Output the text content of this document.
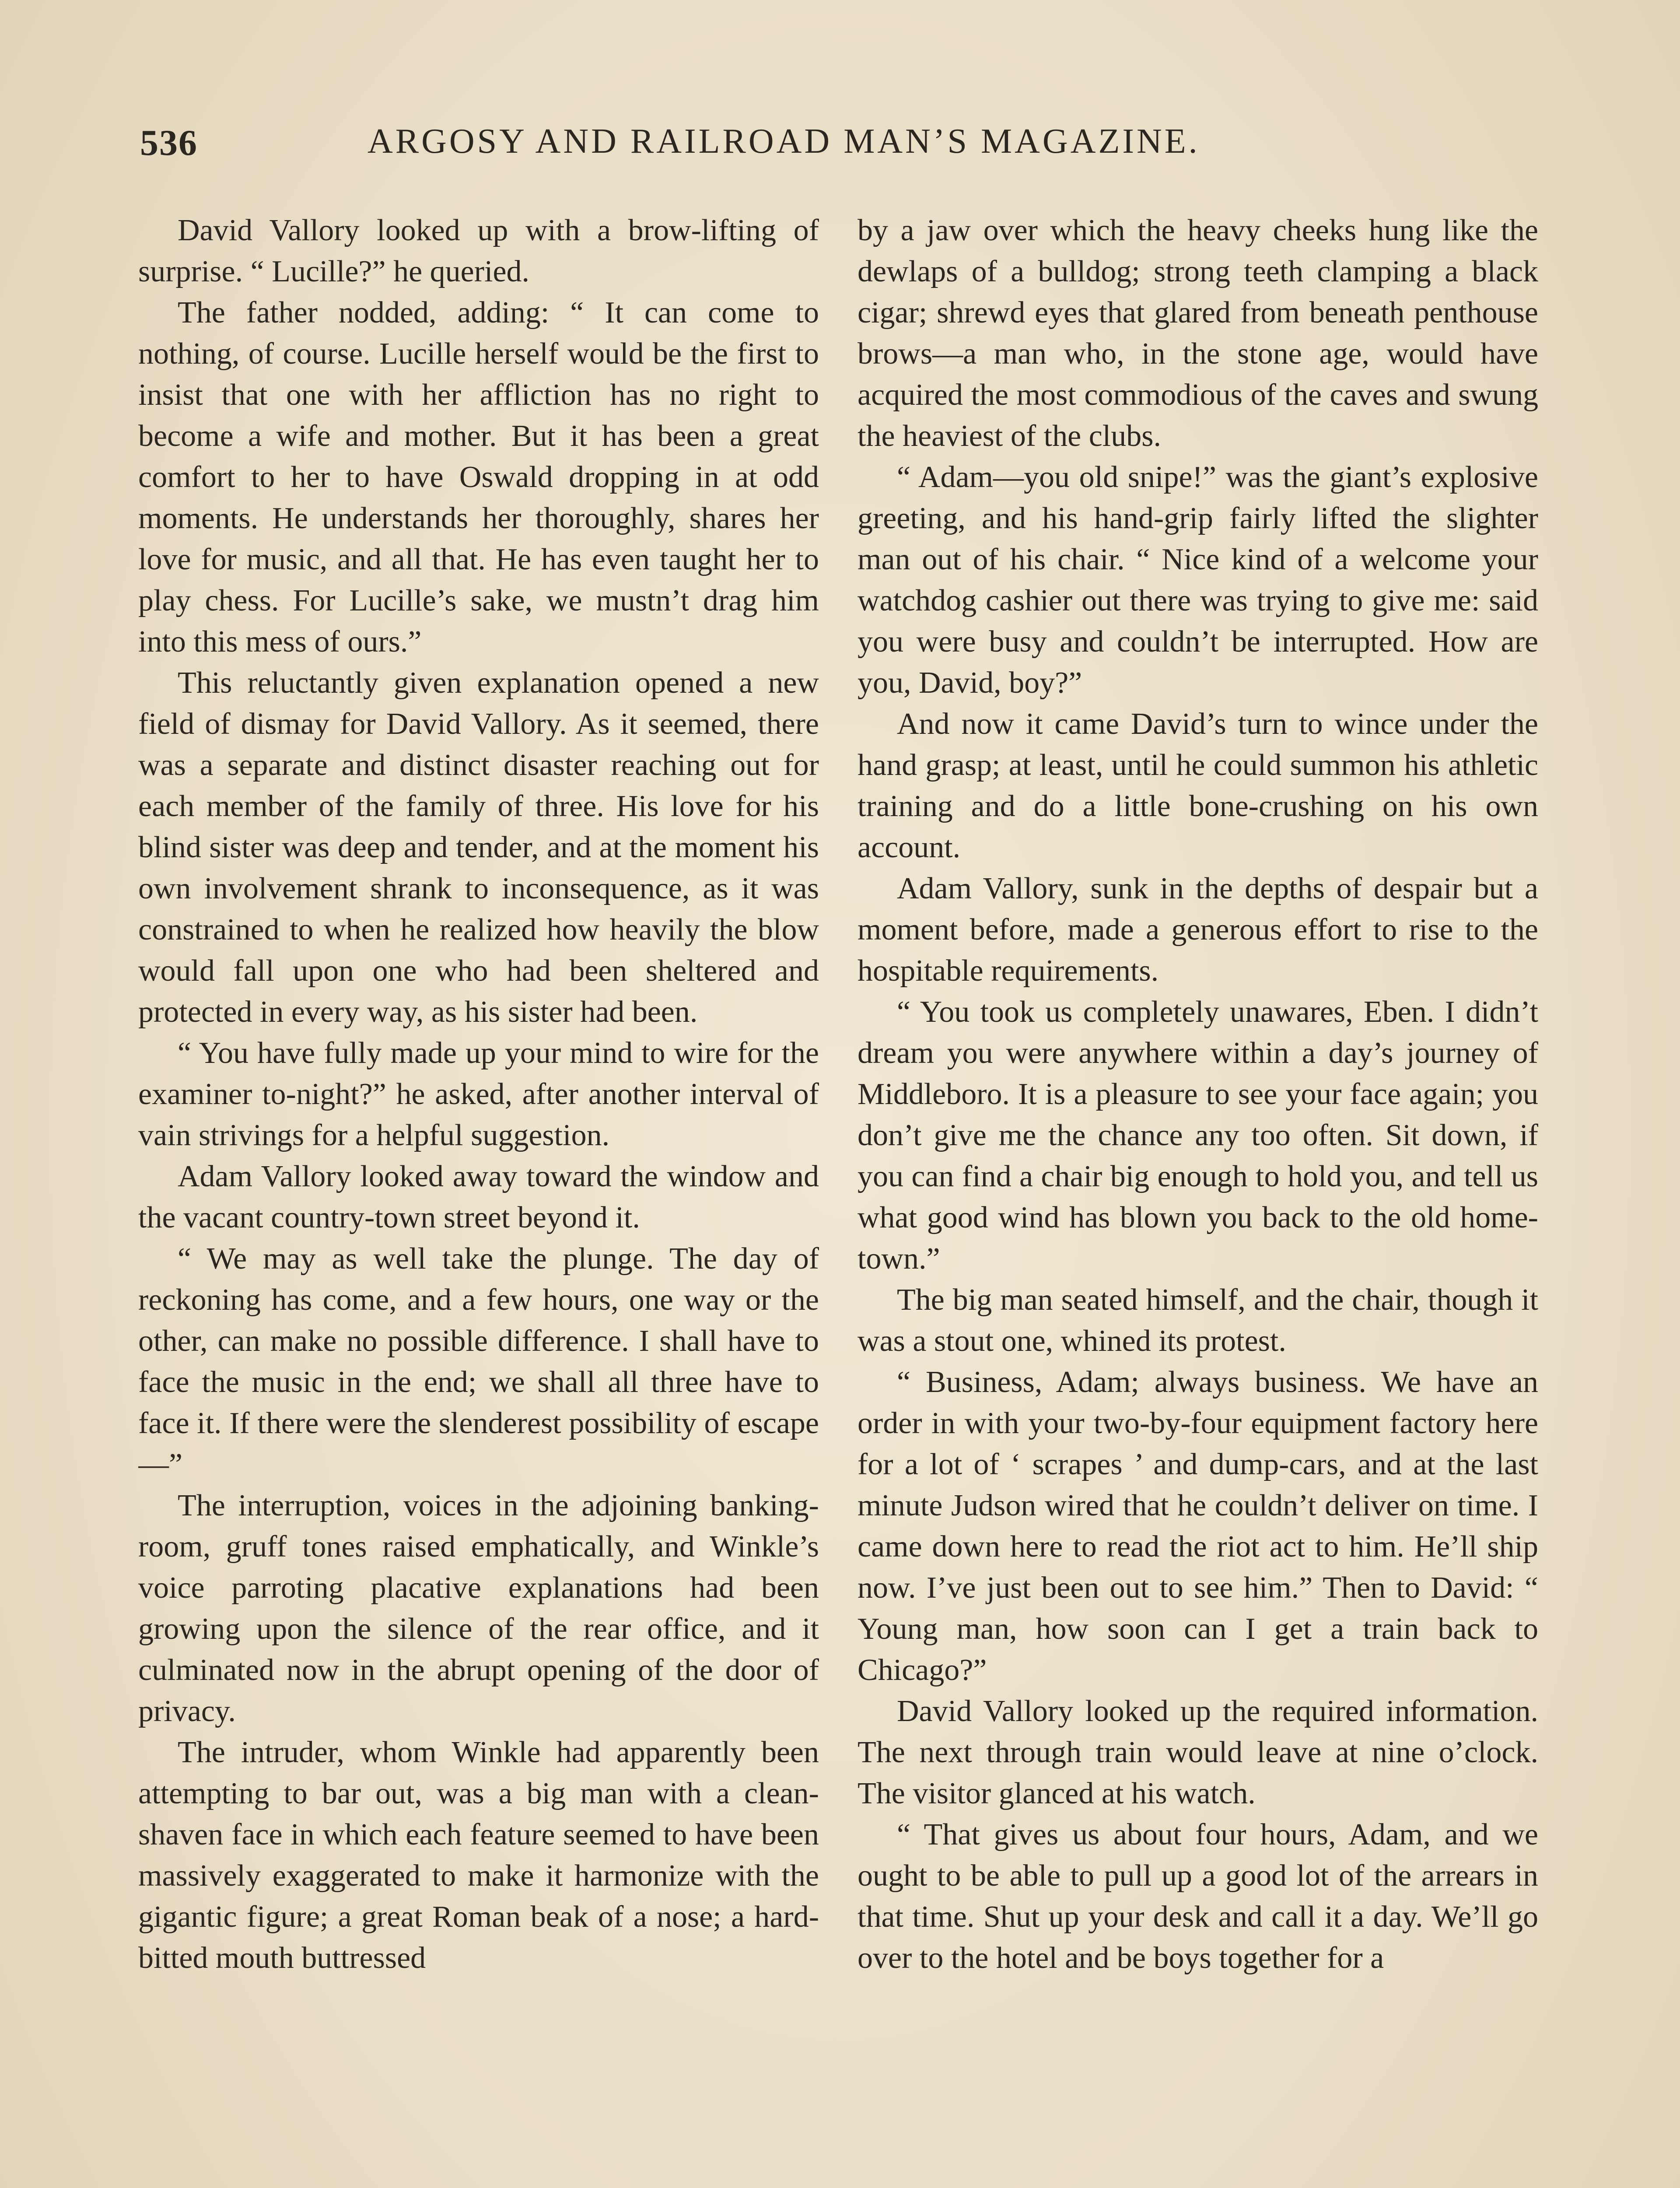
536	ARGOSY AND RAILROAD MAN’S MAGAZINE.

David Vallory looked up with a brow-lifting of surprise. “ Lucille?” he queried.

The father nodded, adding: “ It can come to nothing, of course. Lucille herself would be the first to insist that one with her affliction has no right to become a wife and mother. But it has been a great comfort to her to have Oswald dropping in at odd moments. He understands her thoroughly, shares her love for music, and all that. He has even taught her to play chess. For Lucille’s sake, we mustn’t drag him into this mess of ours.”

This reluctantly given explanation opened a new field of dismay for David Vallory. As it seemed, there was a separate and distinct disaster reaching out for each member of the family of three. His love for his blind sister was deep and tender, and at the moment his own involvement shrank to inconsequence, as it was constrained to when he realized how heavily the blow would fall upon one who had been sheltered and protected in every way, as his sister had been.

“ You have fully made up your mind to wire for the examiner to-night?” he asked, after another interval of vain strivings for a helpful suggestion.

Adam Vallory looked away toward the window and the vacant country-town street beyond it.

“ We may as well take the plunge. The day of reckoning has come, and a few hours, one way or the other, can make no possible difference. I shall have to face the music in the end; we shall all three have to face it. If there were the slenderest possibility of escape—”

The interruption, voices in the adjoining banking-room, gruff tones raised emphatically, and Winkle’s voice parroting placative explanations had been growing upon the silence of the rear office, and it culminated now in the abrupt opening of the door of privacy.

The intruder, whom Winkle had apparently been attempting to bar out, was a big man with a clean-shaven face in which each feature seemed to have been massively exaggerated to make it harmonize with the gigantic figure; a great Roman beak of a nose; a hard-bitted mouth buttressed

by a jaw over which the heavy cheeks hung like the dewlaps of a bulldog; strong teeth clamping a black cigar; shrewd eyes that glared from beneath penthouse brows—a man who, in the stone age, would have acquired the most commodious of the caves and swung the heaviest of the clubs.

“ Adam—you old snipe!” was the giant’s explosive greeting, and his hand-grip fairly lifted the slighter man out of his chair. “ Nice kind of a welcome your watchdog cashier out there was trying to give me: said you were busy and couldn’t be interrupted. How are you, David, boy?”

And now it came David’s turn to wince under the hand grasp; at least, until he could summon his athletic training and do a little bone-crushing on his own account.

Adam Vallory, sunk in the depths of despair but a moment before, made a generous effort to rise to the hospitable requirements.

“ You took us completely unawares, Eben. I didn’t dream you were anywhere within a day’s journey of Middleboro. It is a pleasure to see your face again; you don’t give me the chance any too often. Sit down, if you can find a chair big enough to hold you, and tell us what good wind has blown you back to the old home-town.”

The big man seated himself, and the chair, though it was a stout one, whined its protest.

“ Business, Adam; always business. We have an order in with your two-by-four equipment factory here for a lot of ‘ scrapes ’ and dump-cars, and at the last minute Judson wired that he couldn’t deliver on time. I came down here to read the riot act to him. He’ll ship now. I’ve just been out to see him.” Then to David: “ Young man, how soon can I get a train back to Chicago?”

David Vallory looked up the required information. The next through train would leave at nine o’clock. The visitor glanced at his watch.

“ That gives us about four hours, Adam, and we ought to be able to pull up a good lot of the arrears in that time. Shut up your desk and call it a day. We’ll go over to the hotel and be boys together for a
